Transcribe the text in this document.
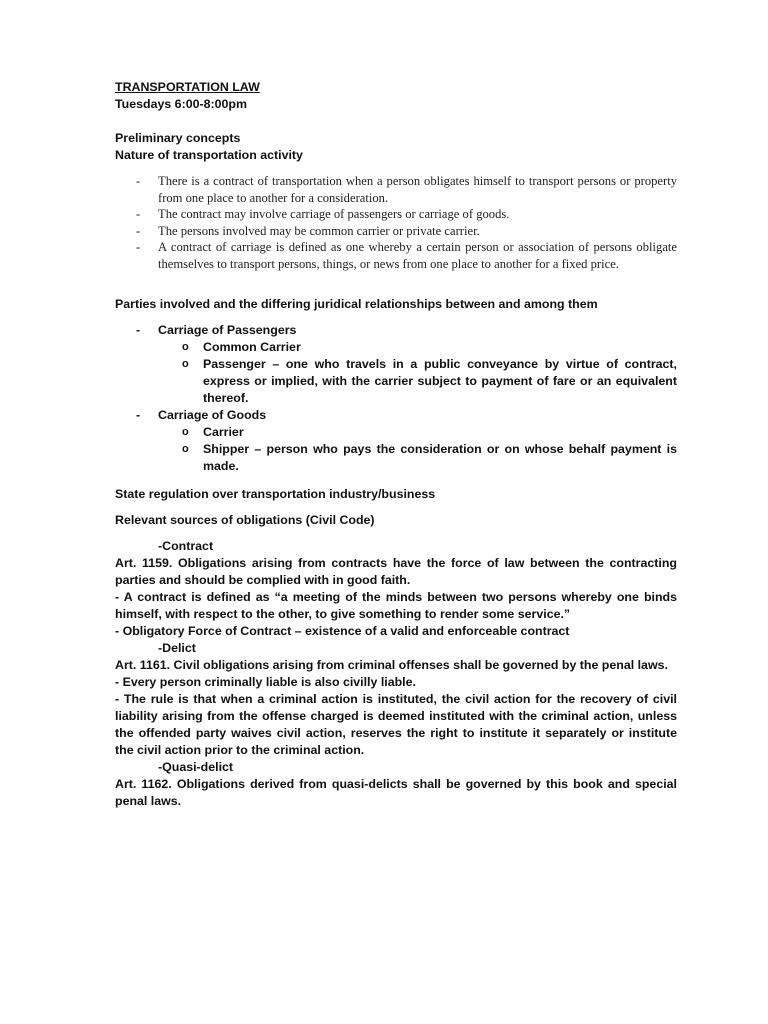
TRANSPORTATION LAW
Tuesdays 6:00-8:00pm
Preliminary concepts
Nature of transportation activity
- There is a contract of transportation when a person obligates himself to transport persons or property from one place to another for a consideration.
- The contract may involve carriage of passengers or carriage of goods.
- The persons involved may be common carrier or private carrier.
- A contract of carriage is defined as one whereby a certain person or association of persons obligate themselves to transport persons, things, or news from one place to another for a fixed price.
Parties involved and the differing juridical relationships between and among them
- Carriage of Passengers
o Common Carrier
o Passenger – one who travels in a public conveyance by virtue of contract, express or implied, with the carrier subject to payment of fare or an equivalent thereof.
- Carriage of Goods
o Carrier
o Shipper – person who pays the consideration or on whose behalf payment is made.
State regulation over transportation industry/business
Relevant sources of obligations (Civil Code)
-Contract
Art. 1159. Obligations arising from contracts have the force of law between the contracting parties and should be complied with in good faith.
- A contract is defined as “a meeting of the minds between two persons whereby one binds himself, with respect to the other, to give something to render some service.”
- Obligatory Force of Contract – existence of a valid and enforceable contract
-Delict
Art. 1161. Civil obligations arising from criminal offenses shall be governed by the penal laws.
- Every person criminally liable is also civilly liable.
- The rule is that when a criminal action is instituted, the civil action for the recovery of civil liability arising from the offense charged is deemed instituted with the criminal action, unless the offended party waives civil action, reserves the right to institute it separately or institute the civil action prior to the criminal action.
-Quasi-delict
Art. 1162. Obligations derived from quasi-delicts shall be governed by this book and special penal laws.
